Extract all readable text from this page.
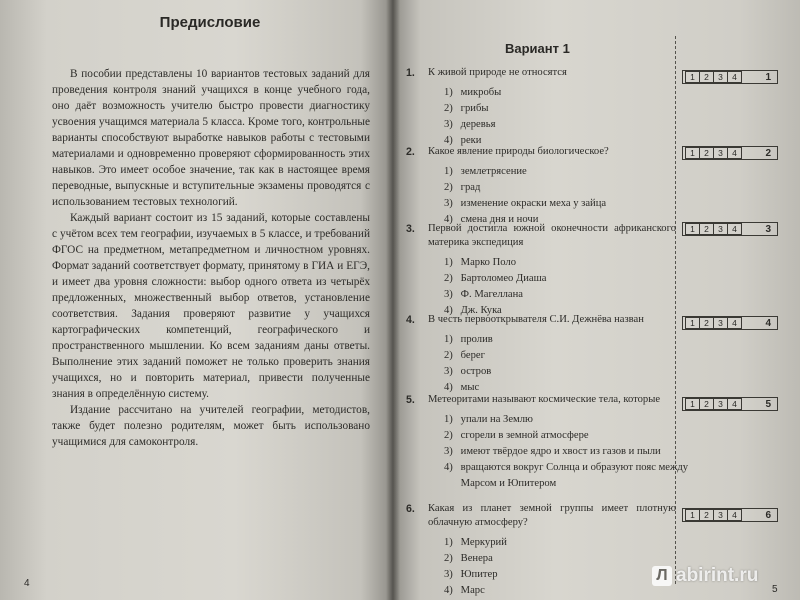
Предисловие

В пособии представлены 10 вариантов тестовых заданий для проведения контроля знаний учащихся в конце учебного года, оно даёт возможность учителю быстро провести диагностику усвоения учащимся материала 5 класса. Кроме того, контрольные варианты способствуют выработке навыков работы с тестовыми материалами и одновременно проверяют сформированность этих навыков. Это имеет особое значение, так как в настоящее время переводные, выпускные и вступительные экзамены проводятся с использованием тестовых технологий.

Каждый вариант состоит из 15 заданий, которые составлены с учётом всех тем географии, изучаемых в 5 классе, и требований ФГОС на предметном, метапредметном и личностном уровнях. Формат заданий соответствует формату, принятому в ГИА и ЕГЭ, и имеет два уровня сложности: выбор одного ответа из четырёх предложенных, множественный выбор ответов, установление соответствия. Задания проверяют развитие у учащихся картографических компетенций, географического и пространственного мышлении. Ко всем заданиям даны ответы. Выполнение этих заданий поможет не только проверить знания учащихся, но и повторить материал, привести полученные знания в определённую систему.

Издание рассчитано на учителей географии, методистов, также будет полезно родителям, может быть использовано учащимися для самоконтроля.

4
Вариант 1
1.	К живой природе не относятся
1) микробы
2) грибы
3) деревья
4) реки
1	2	3	4	1
2.	Какое явление природы биологическое?
1) землетрясение
2) град
3) изменение окраски меха у зайца
4) смена дня и ночи
1	2	3	4	2
3.	Первой достигла южной оконечности африканского материка экспедиция
1) Марко Поло
2) Бартоломео Диаша
3) Ф. Магеллана
4) Дж. Кука
1	2	3	4	3
4.	В честь первооткрывателя С.И. Дежнёва назван
1) пролив
2) берег
3) остров
4) мыс
1	2	3	4	4
5.	Метеоритами называют космические тела, которые
1) упали на Землю
2) сгорели в земной атмосфере
3) имеют твёрдое ядро и хвост из газов и пыли
4) вращаются вокруг Солнца и образуют пояс между Марсом и Юпитером
1	2	3	4	5
6.	Какая из планет земной группы имеет плотную облачную атмосферу?
1) Меркурий
2) Венера
3) Юпитер
4) Марс
1	2	3	4	6
Л abirint.ru
5
